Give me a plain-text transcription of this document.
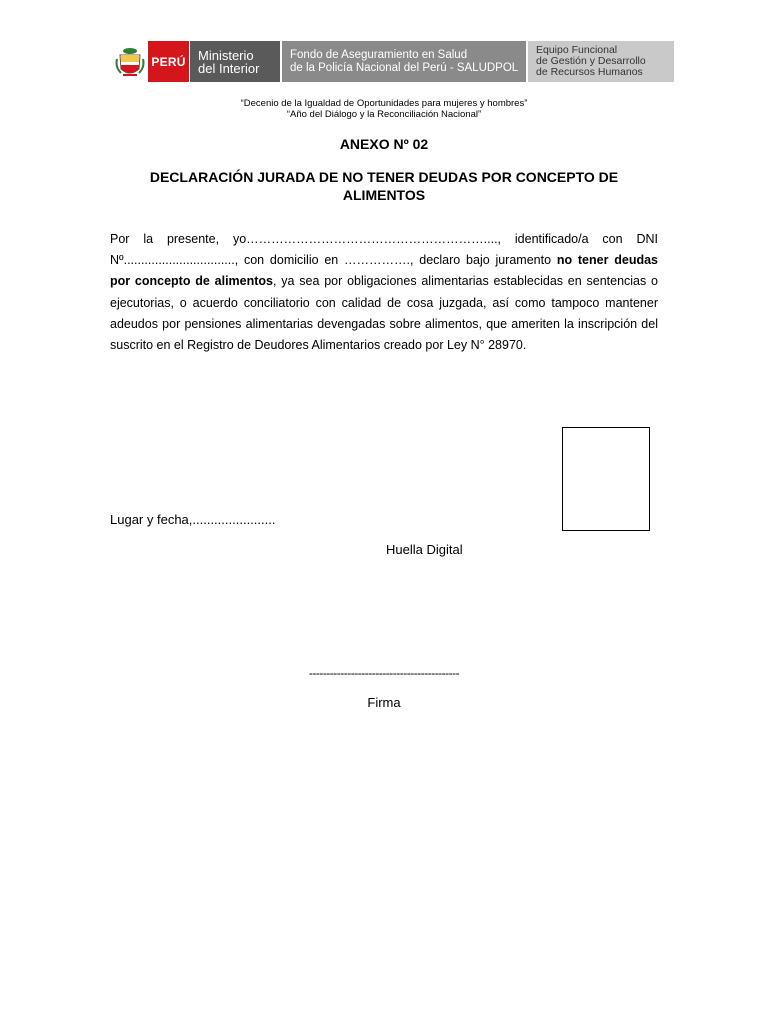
PERÚ Ministerio
del Interior
Fondo de Aseguramiento en Salud
de la Policía Nacional del Perú - SALUDPOL
Equipo Funcional
de Gestión y Desarrollo
de Recursos Humanos
“Decenio de la Igualdad de Oportunidades para mujeres y hombres”
“Año del Diálogo y la Reconciliación Nacional”
ANEXO Nº 02
DECLARACIÓN JURADA DE NO TENER DEUDAS POR CONCEPTO DE ALIMENTOS
Por la presente, yo…………………………………………………...., identificado/a con DNI Nº................................, con domicilio en ……………., declaro bajo juramento no tener deudas por concepto de alimentos, ya sea por obligaciones alimentarias establecidas en sentencias o ejecutorias, o acuerdo conciliatorio con calidad de cosa juzgada, así como tampoco mantener adeudos por pensiones alimentarias devengadas sobre alimentos, que ameriten la inscripción del suscrito en el Registro de Deudores Alimentarios creado por Ley N° 28970.
Lugar y fecha,.......................
Huella Digital
-------------------------------------------
Firma
